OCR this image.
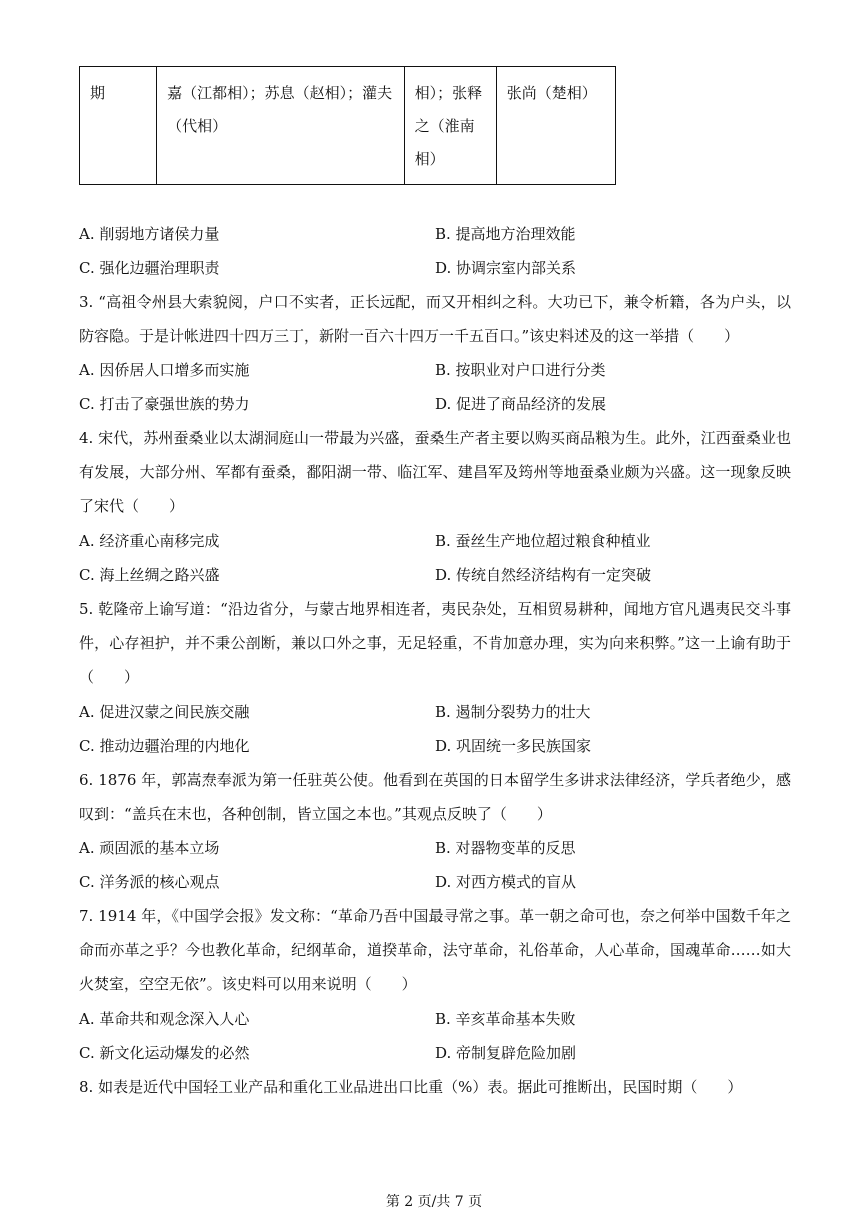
期	嘉（江都相）；苏息（赵相）；灌夫（代相）	相）；张释之（淮南相）	张尚（楚相）
A. 削弱地方诸侯力量	B. 提高地方治理效能
C. 强化边疆治理职责	D. 协调宗室内部关系

3. “高祖令州县大索貌阅，户口不实者，正长远配，而又开相纠之科。大功已下，兼令析籍，各为户头，以防容隐。于是计帐进四十四万三丁，新附一百六十四万一千五百口。”该史料述及的这一举措（　　）

A. 因侨居人口增多而实施	B. 按职业对户口进行分类
C. 打击了豪强世族的势力	D. 促进了商品经济的发展

4. 宋代，苏州蚕桑业以太湖洞庭山一带最为兴盛，蚕桑生产者主要以购买商品粮为生。此外，江西蚕桑业也有发展，大部分州、军都有蚕桑，鄱阳湖一带、临江军、建昌军及筠州等地蚕桑业颇为兴盛。这一现象反映了宋代（　　）

A. 经济重心南移完成	B. 蚕丝生产地位超过粮食种植业
C. 海上丝绸之路兴盛	D. 传统自然经济结构有一定突破

5. 乾隆帝上谕写道：“沿边省分，与蒙古地界相连者，夷民杂处，互相贸易耕种，闻地方官凡遇夷民交斗事件，心存袒护，并不秉公剖断，兼以口外之事，无足轻重，不肯加意办理，实为向来积弊。”这一上谕有助于（　　）

A. 促进汉蒙之间民族交融	B. 遏制分裂势力的壮大
C. 推动边疆治理的内地化	D. 巩固统一多民族国家

6. 1876 年，郭嵩焘奉派为第一任驻英公使。他看到在英国的日本留学生多讲求法律经济，学兵者绝少，感叹到：“盖兵在末也，各种创制，皆立国之本也。”其观点反映了（　　）

A. 顽固派的基本立场	B. 对器物变革的反思
C. 洋务派的核心观点	D. 对西方模式的盲从

7. 1914 年，《中国学会报》发文称：“革命乃吾中国最寻常之事。革一朝之命可也，奈之何举中国数千年之命而亦革之乎？今也教化革命，纪纲革命，道揆革命，法守革命，礼俗革命，人心革命，国魂革命……如大火焚室，空空无依”。该史料可以用来说明（　　）

A. 革命共和观念深入人心	B. 辛亥革命基本失败
C. 新文化运动爆发的必然	D. 帝制复辟危险加剧

8. 如表是近代中国轻工业产品和重化工业品进出口比重（%）表。据此可推断出，民国时期（　　）

第 2 页/共 7 页
